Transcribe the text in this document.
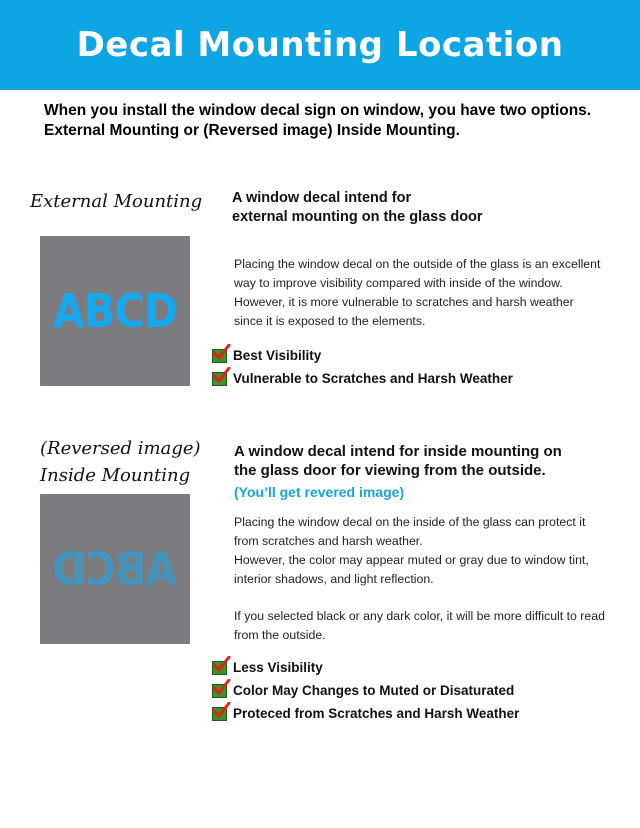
Decal Mounting Location
When you install the window decal sign on window, you have two options.
External Mounting or (Reversed image) Inside Mounting.
External Mounting
ABCD
A window decal intend for
external mounting on the glass door
Placing the window decal on the outside of the glass is an excellent
way to improve visibility compared with inside of the window.
However, it is more vulnerable to scratches and harsh weather
since it is exposed to the elements.
Best Visibility
Vulnerable to Scratches and Harsh Weather
(Reversed image)
Inside Mounting
ABCD
A window decal intend for inside mounting on
the glass door for viewing from the outside.
(You’ll get revered image)
Placing the window decal on the inside of the glass can protect it
from scratches and harsh weather.
However, the color may appear muted or gray due to window tint,
interior shadows, and light reflection.
If you selected black or any dark color, it will be more difficult to read
from the outside.
Less Visibility
Color May Changes to Muted or Disaturated
Proteced from Scratches and Harsh Weather
